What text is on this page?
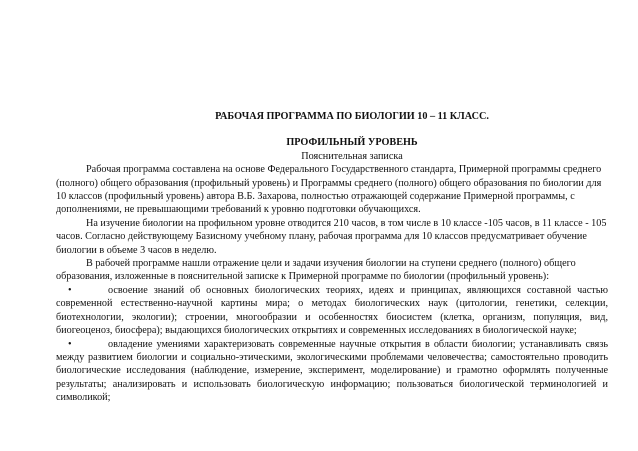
РАБОЧАЯ ПРОГРАММА ПО БИОЛОГИИ 10 – 11 КЛАСС.

ПРОФИЛЬНЫЙ УРОВЕНЬ

Пояснительная записка

Рабочая программа составлена на основе Федерального Государственного стандарта, Примерной программы среднего (полного) общего образования (профильный уровень) и Программы среднего (полного) общего образования по биологии для 10 классов (профильный уровень) автора В.Б. Захарова, полностью отражающей содержание Примерной программы, с дополнениями, не превышающими требований к уровню подготовки обучающихся.

На изучение биологии на профильном уровне отводится 210 часов, в том числе в 10 классе -105 часов, в 11 классе - 105 часов. Согласно действующему Базисному учебному плану, рабочая программа для 10 классов предусматривает обучение биологии в объеме 3 часов в неделю.

В рабочей программе нашли отражение цели и задачи изучения биологии на ступени среднего (полного) общего образования, изложенные в пояснительной записке к Примерной программе по биологии (профильный уровень):

•	освоение знаний об основных биологических теориях, идеях и принципах, являющихся составной частью современной естественно-научной картины мира; о методах биологических наук (цитологии, генетики, селекции, биотехнологии, экологии); строении, многообразии и особенностях биосистем (клетка, организм, популяция, вид, биогеоценоз, биосфера); выдающихся биологических открытиях и современных исследованиях в биологической науке;

•	овладение умениями характеризовать современные научные открытия в области биологии; устанавливать связь между развитием биологии и социально-этическими, экологическими проблемами человечества; самостоятельно проводить биологические исследования (наблюдение, измерение, эксперимент, моделирование) и грамотно оформлять полученные результаты; анализировать и использовать биологическую информацию; пользоваться биологической терминологией и символикой;
